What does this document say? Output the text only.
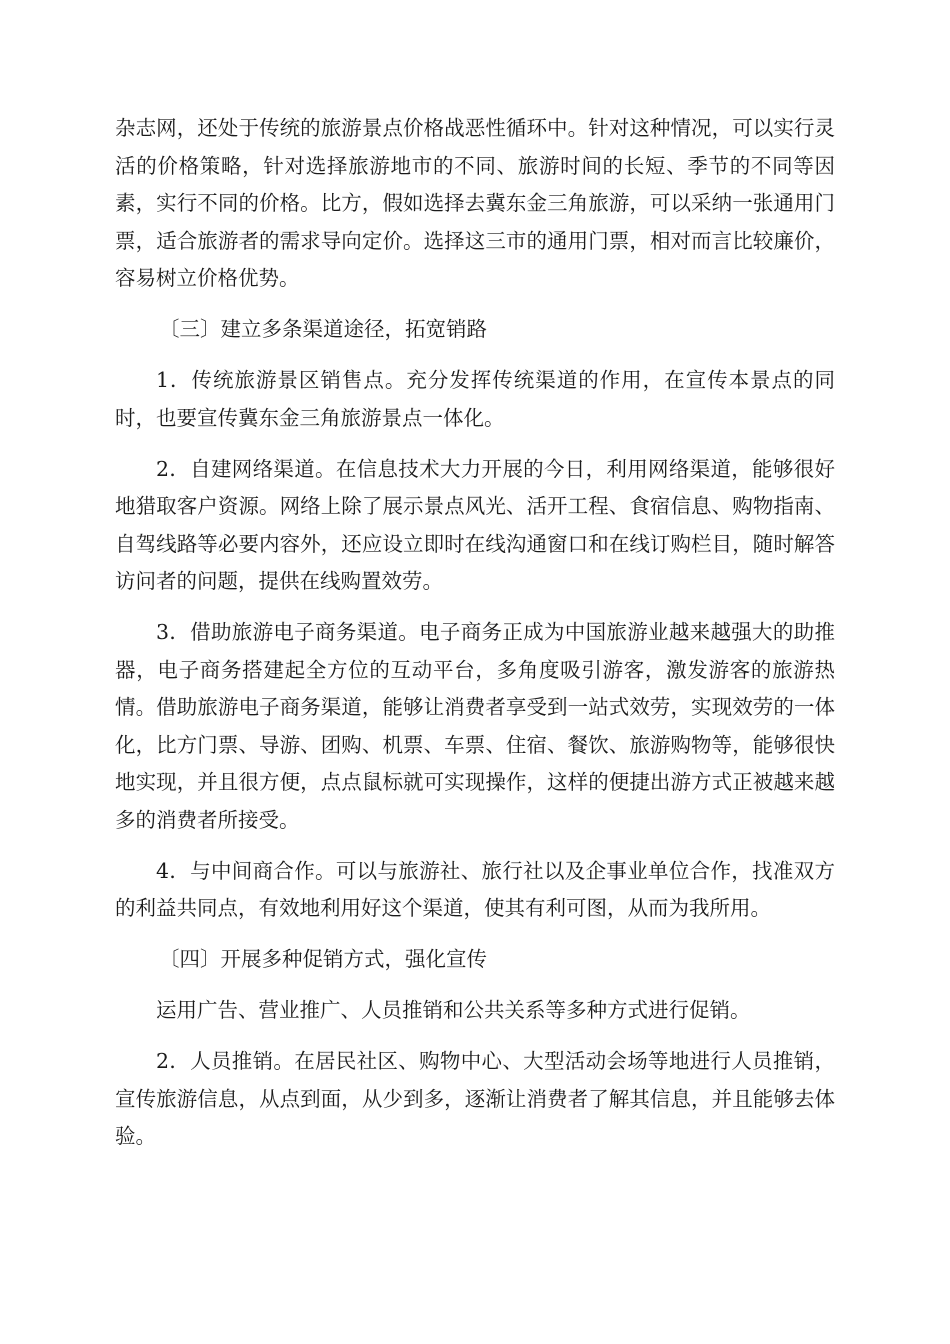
杂志网，还处于传统的旅游景点价格战恶性循环中。针对这种情况，可以实行灵活的价格策略，针对选择旅游地市的不同、旅游时间的长短、季节的不同等因素，实行不同的价格。比方，假如选择去冀东金三角旅游，可以采纳一张通用门票，适合旅游者的需求导向定价。选择这三市的通用门票，相对而言比较廉价，容易树立价格优势。

〔三〕建立多条渠道途径，拓宽销路

1．传统旅游景区销售点。充分发挥传统渠道的作用，在宣传本景点的同时，也要宣传冀东金三角旅游景点一体化。

2．自建网络渠道。在信息技术大力开展的今日，利用网络渠道，能够很好地猎取客户资源。网络上除了展示景点风光、活开工程、食宿信息、购物指南、自驾线路等必要内容外，还应设立即时在线沟通窗口和在线订购栏目，随时解答访问者的问题，提供在线购置效劳。

3．借助旅游电子商务渠道。电子商务正成为中国旅游业越来越强大的助推器，电子商务搭建起全方位的互动平台，多角度吸引游客，激发游客的旅游热情。借助旅游电子商务渠道，能够让消费者享受到一站式效劳，实现效劳的一体化，比方门票、导游、团购、机票、车票、住宿、餐饮、旅游购物等，能够很快地实现，并且很方便，点点鼠标就可实现操作，这样的便捷出游方式正被越来越多的消费者所接受。

4．与中间商合作。可以与旅游社、旅行社以及企事业单位合作，找准双方的利益共同点，有效地利用好这个渠道，使其有利可图，从而为我所用。

〔四〕开展多种促销方式，强化宣传

运用广告、营业推广、人员推销和公共关系等多种方式进行促销。

2．人员推销。在居民社区、购物中心、大型活动会场等地进行人员推销，宣传旅游信息，从点到面，从少到多，逐渐让消费者了解其信息，并且能够去体验。
